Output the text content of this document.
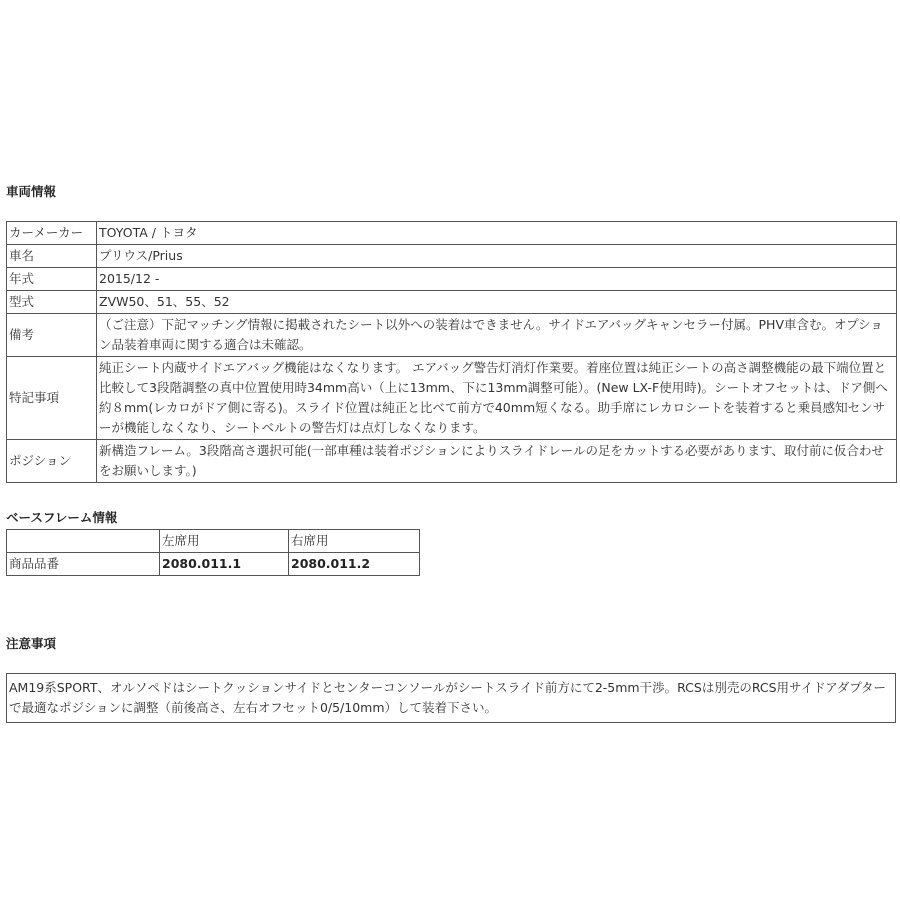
車両情報
カーメーカー	TOYOTA / トヨタ
車名	プリウス/Prius
年式	2015/12 -
型式	ZVW50、51、55、52
備考	（ご注意）下記マッチング情報に掲載されたシート以外への装着はできません。サイドエアバッグキャンセラー付属。PHV車含む。オプション品装着車両に関する適合は未確認。
特記事項	純正シート内蔵サイドエアバッグ機能はなくなります。 エアバッグ警告灯消灯作業要。着座位置は純正シートの高さ調整機能の最下端位置と比較して3段階調整の真中位置使用時34mm高い（上に13mm、下に13mm調整可能）。(New LX-F使用時)。シートオフセットは、ドア側へ約８mm(レカロがドア側に寄る)。スライド位置は純正と比べて前方で40mm短くなる。助手席にレカロシートを装着すると乗員感知センサーが機能しなくなり、シートベルトの警告灯は点灯しなくなります。
ポジション	新構造フレーム。3段階高さ選択可能(一部車種は装着ポジションによりスライドレールの足をカットする必要があります、取付前に仮合わせをお願いします。)
ベースフレーム情報
	左席用	右席用
商品品番	2080.011.1	2080.011.2
注意事項
AM19系SPORT、オルソペドはシートクッションサイドとセンターコンソールがシートスライド前方にて2-5mm干渉。RCSは別売のRCS用サイドアダプターで最適なポジションに調整（前後高さ、左右オフセット0/5/10mm）して装着下さい。
